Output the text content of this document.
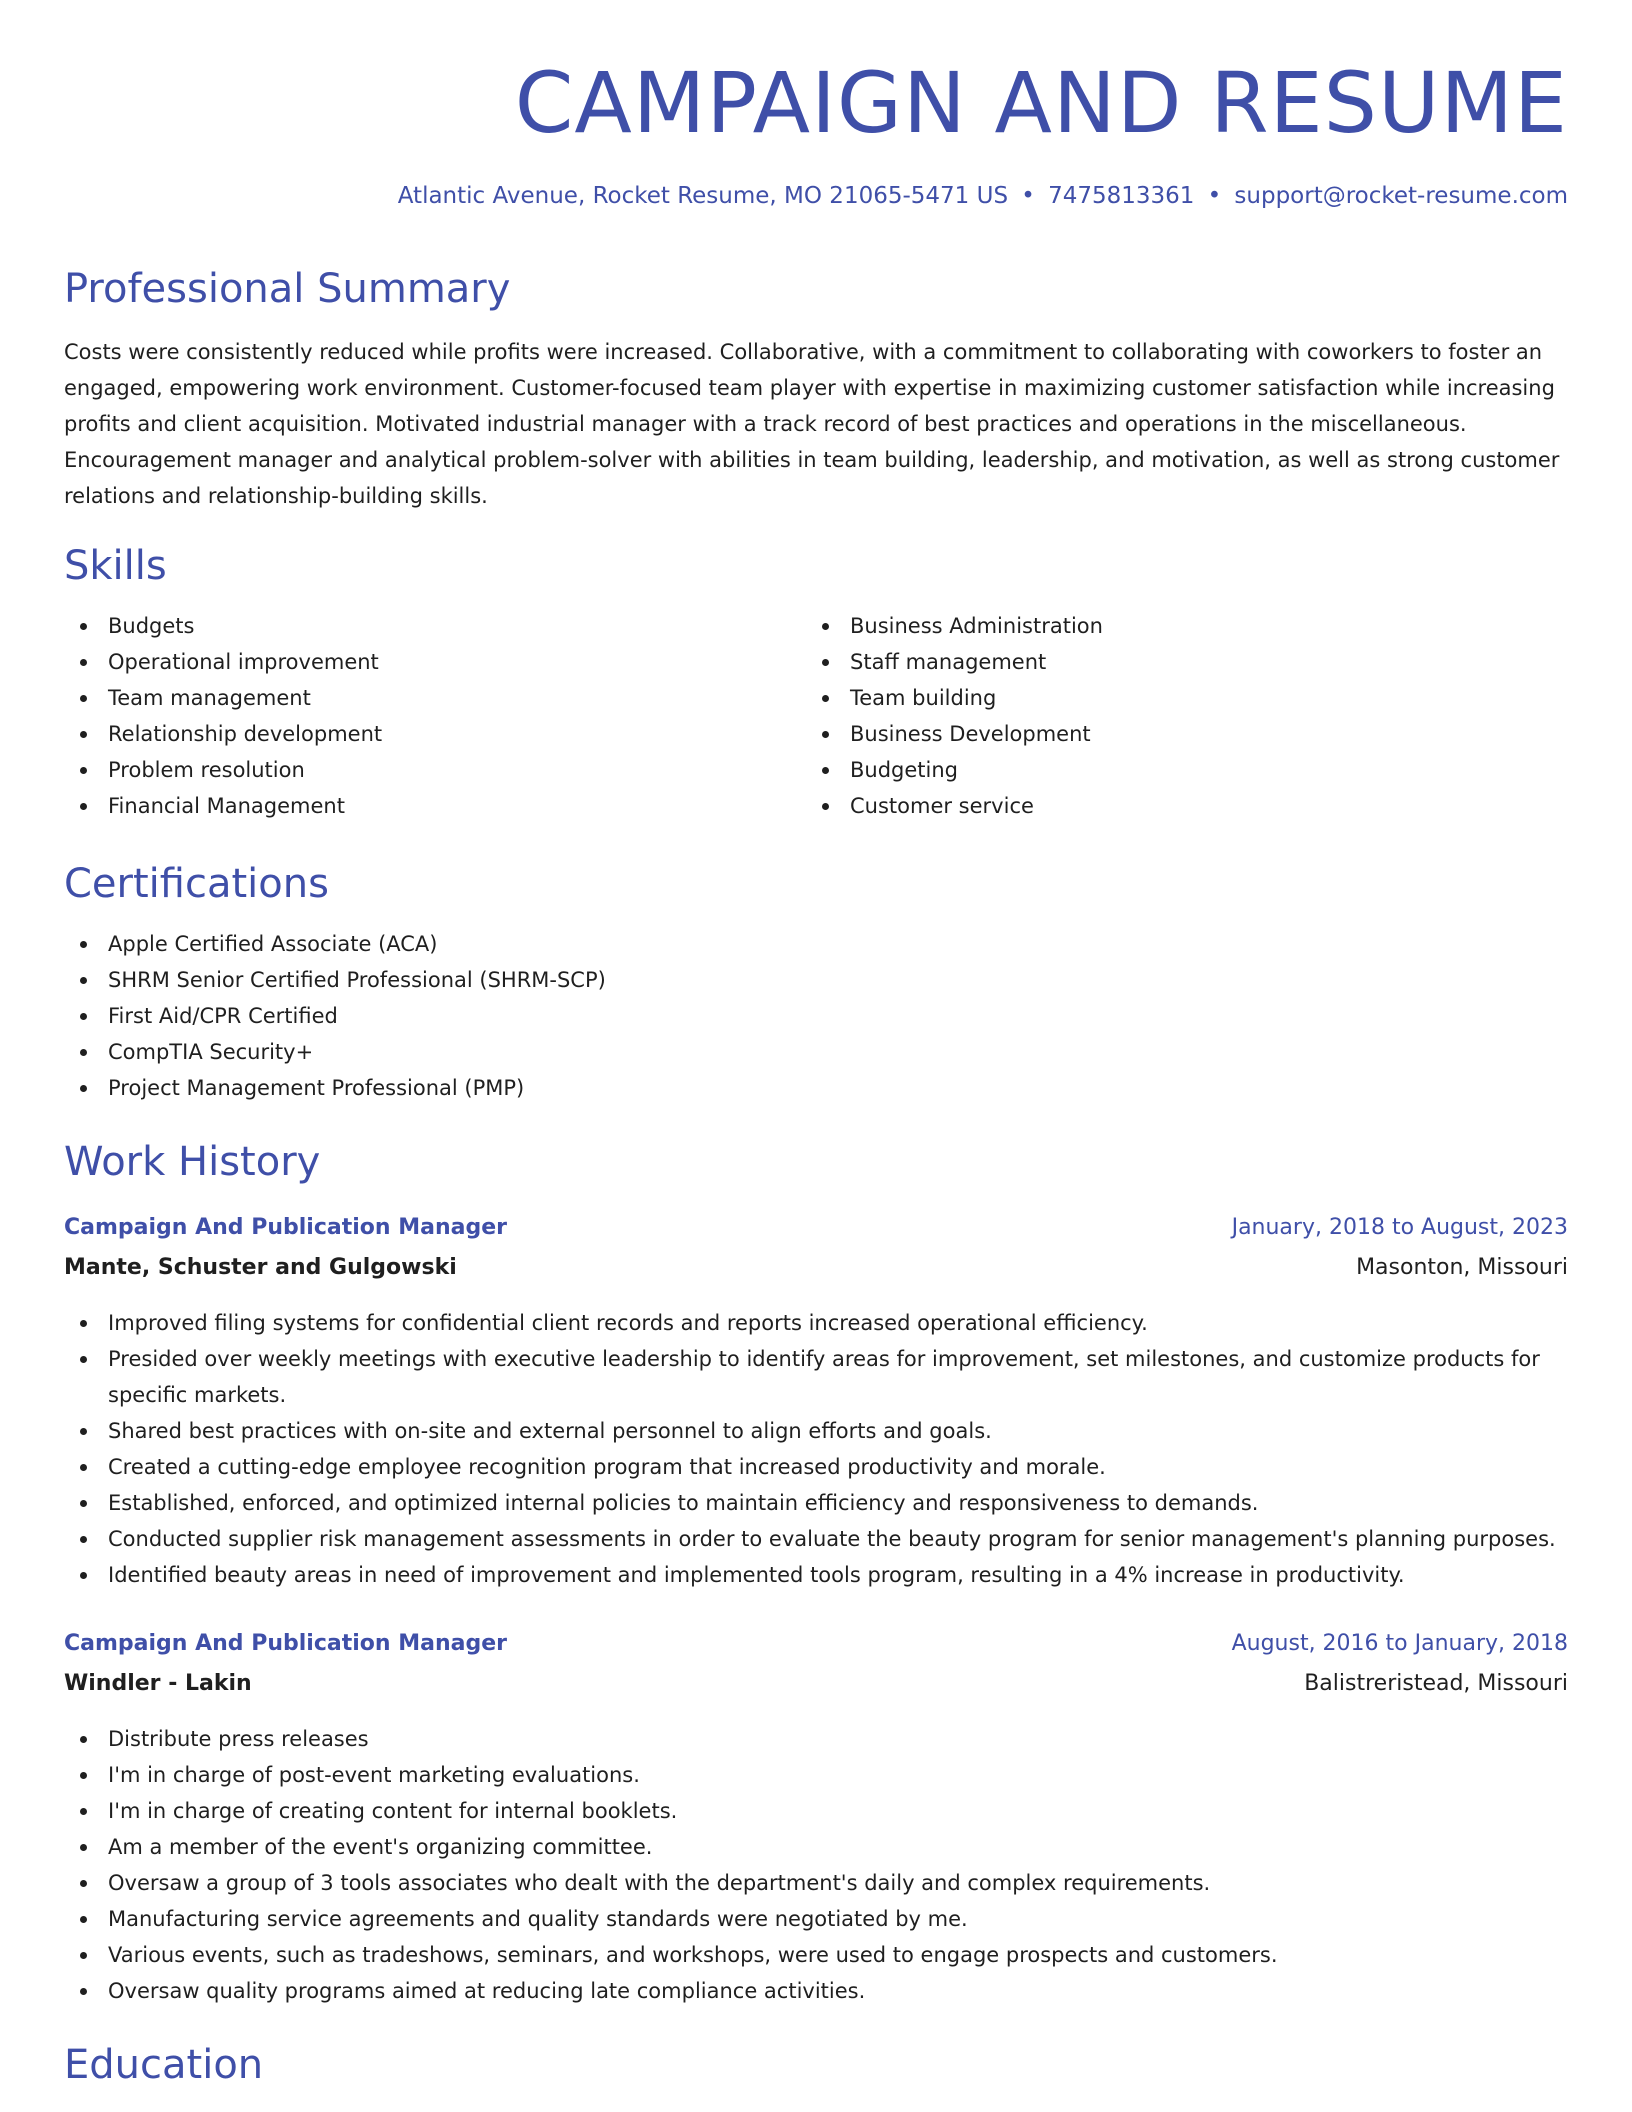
CAMPAIGN AND RESUME
Atlantic Avenue, Rocket Resume, MO 21065-5471 US • 7475813361 • support@rocket-resume.com
Professional Summary

Costs were consistently reduced while profits were increased. Collaborative, with a commitment to collaborating with coworkers to foster an engaged, empowering work environment. Customer-focused team player with expertise in maximizing customer satisfaction while increasing profits and client acquisition. Motivated industrial manager with a track record of best practices and operations in the miscellaneous. Encouragement manager and analytical problem-solver with abilities in team building, leadership, and motivation, as well as strong customer relations and relationship-building skills.

Skills
Budgets
Operational improvement
Team management
Relationship development
Problem resolution
Financial Management
Business Administration
Staff management
Team building
Business Development
Budgeting
Customer service
Certifications
Apple Certified Associate (ACA)
SHRM Senior Certified Professional (SHRM-SCP)
First Aid/CPR Certified
CompTIA Security+
Project Management Professional (PMP)
Work History
Campaign And Publication Manager	January, 2018 to August, 2023
Mante, Schuster and Gulgowski	Masonton, Missouri
Improved filing systems for confidential client records and reports increased operational efficiency.
Presided over weekly meetings with executive leadership to identify areas for improvement, set milestones, and customize products for specific markets.
Shared best practices with on-site and external personnel to align efforts and goals.
Created a cutting-edge employee recognition program that increased productivity and morale.
Established, enforced, and optimized internal policies to maintain efficiency and responsiveness to demands.
Conducted supplier risk management assessments in order to evaluate the beauty program for senior management's planning purposes.
Identified beauty areas in need of improvement and implemented tools program, resulting in a 4% increase in productivity.
Campaign And Publication Manager	August, 2016 to January, 2018
Windler - Lakin	Balistreristead, Missouri
Distribute press releases
I'm in charge of post-event marketing evaluations.
I'm in charge of creating content for internal booklets.
Am a member of the event's organizing committee.
Oversaw a group of 3 tools associates who dealt with the department's daily and complex requirements.
Manufacturing service agreements and quality standards were negotiated by me.
Various events, such as tradeshows, seminars, and workshops, were used to engage prospects and customers.
Oversaw quality programs aimed at reducing late compliance activities.
Education
